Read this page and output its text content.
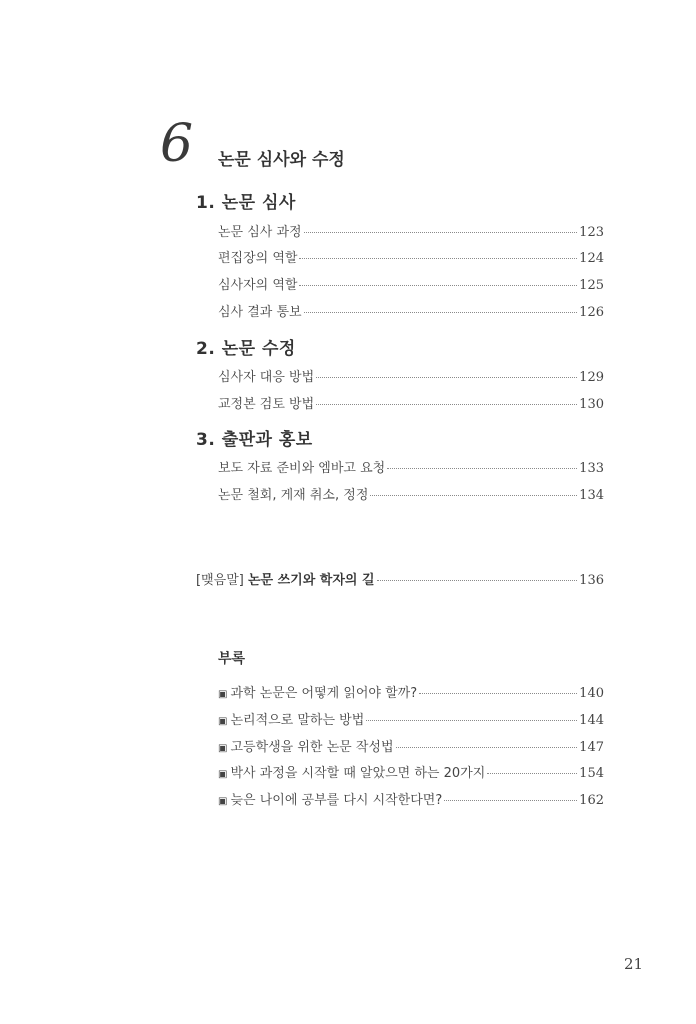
6 논문 심사와 수정
1. 논문 심사
논문 심사 과정	123
편집장의 역할	124
심사자의 역할	125
심사 결과 통보	126
2. 논문 수정
심사자 대응 방법	129
교정본 검토 방법	130
3. 출판과 홍보
보도 자료 준비와 엠바고 요청	133
논문 철회, 게재 취소, 정정	134
[맺음말] 논문 쓰기와 학자의 길	136
부록
▣ 과학 논문은 어떻게 읽어야 할까?	140
▣ 논리적으로 말하는 방법	144
▣ 고등학생을 위한 논문 작성법	147
▣ 박사 과정을 시작할 때 알았으면 하는 20가지	154
▣ 늦은 나이에 공부를 다시 시작한다면?	162
21
